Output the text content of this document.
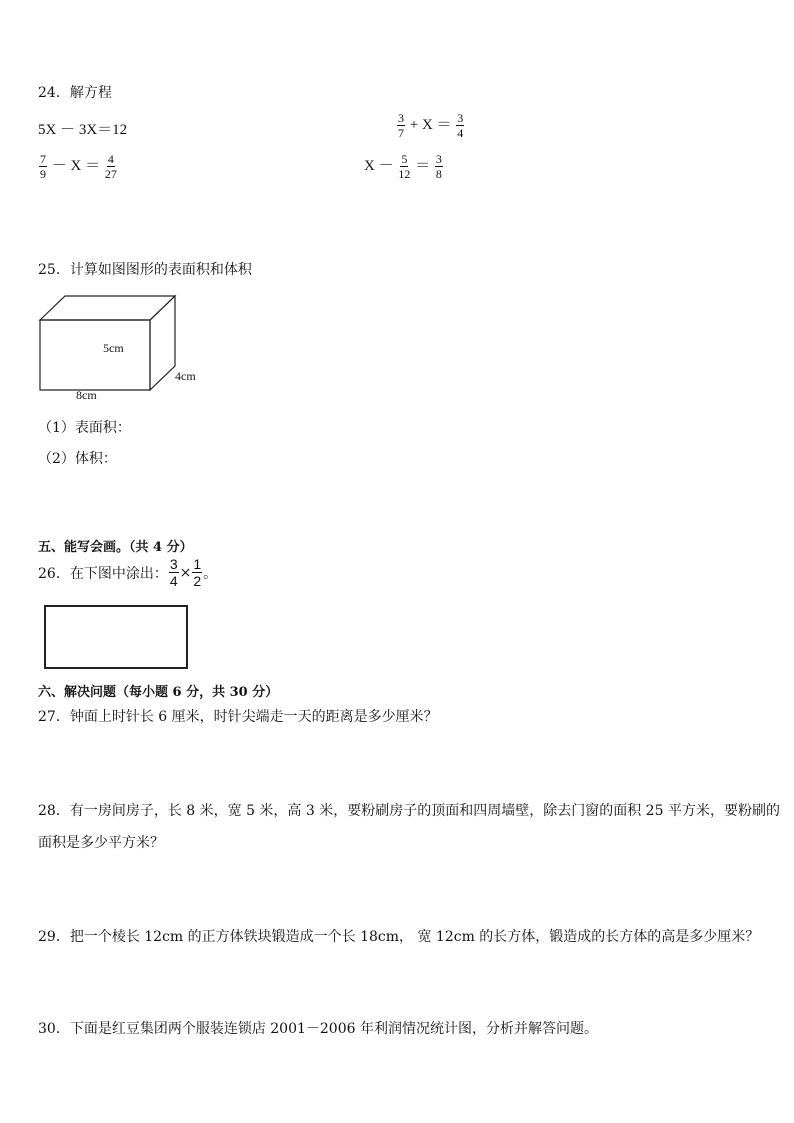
24．解方程
5X － 3X＝12	$\frac{3}{7} + X = \frac{3}{4}$
$\frac{7}{9} - X = \frac{4}{27}$	$X - \frac{5}{12} = \frac{3}{8}$
25．计算如图图形的表面积和体积
5cm
4cm
8cm
（1）表面积：
（2）体积：
五、能写会画。（共 4 分）
26．在下图中涂出： $\frac{3}{4} \times \frac{1}{2}$ 。
六、解决问题（每小题 6 分，共 30 分）
27．钟面上时针长 6 厘米，时针尖端走一天的距离是多少厘米？
28．有一房间房子，长 8 米，宽 5 米，高 3 米，要粉刷房子的顶面和四周墙壁，除去门窗的面积 25 平方米，要粉刷的
面积是多少平方米？
29．把一个棱长 12cm 的正方体铁块锻造成一个长 18cm， 宽 12cm 的长方体，锻造成的长方体的高是多少厘米？
30．下面是红豆集团两个服装连锁店 2001－2006 年利润情况统计图，分析并解答问题。
